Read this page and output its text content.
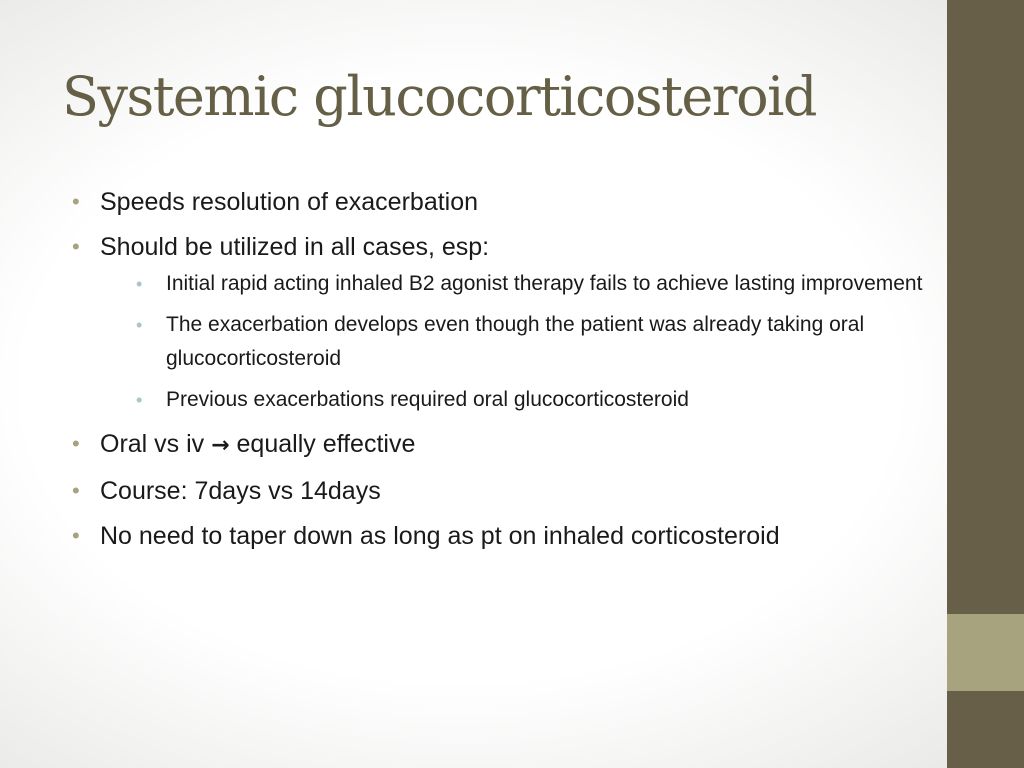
Systemic glucocorticosteroid
• Speeds resolution of exacerbation
• Should be utilized in all cases, esp:
• Initial rapid acting inhaled B2 agonist therapy fails to achieve lasting improvement
• The exacerbation develops even though the patient was already taking oral glucocorticosteroid
• Previous exacerbations required oral glucocorticosteroid
• Oral vs iv → equally effective
• Course: 7days vs 14days
• No need to taper down as long as pt on inhaled corticosteroid
